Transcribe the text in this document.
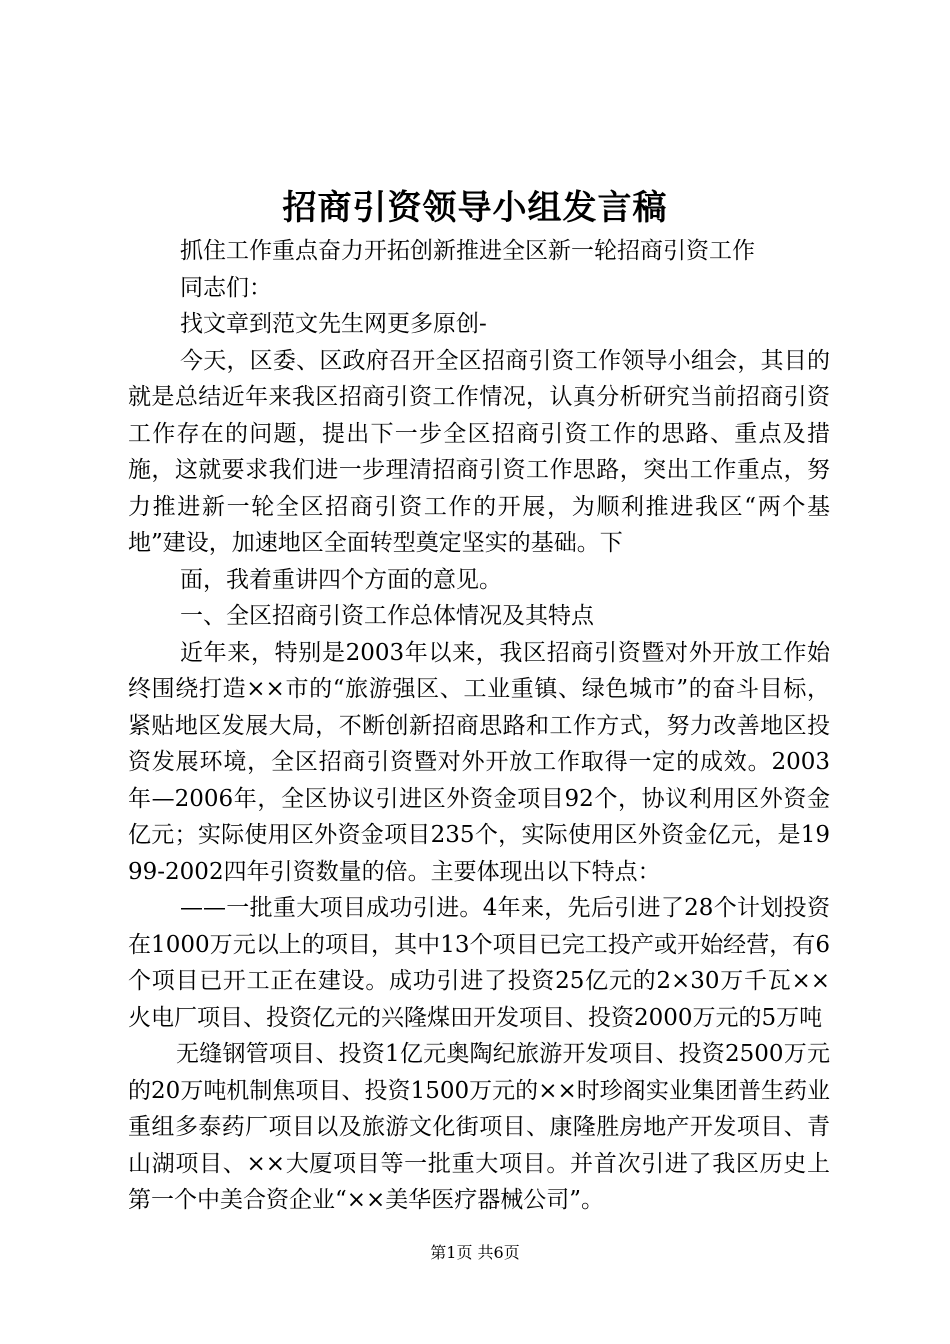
招商引资领导小组发言稿

抓住工作重点奋力开拓创新推进全区新一轮招商引资工作

同志们：

找文章到范文先生网更多原创-

今天，区委、区政府召开全区招商引资工作领导小组会，其目的就是总结近年来我区招商引资工作情况，认真分析研究当前招商引资工作存在的问题，提出下一步全区招商引资工作的思路、重点及措施，这就要求我们进一步理清招商引资工作思路，突出工作重点，努力推进新一轮全区招商引资工作的开展，为顺利推进我区“两个基地”建设，加速地区全面转型奠定坚实的基础。下

面，我着重讲四个方面的意见。

一、全区招商引资工作总体情况及其特点

近年来，特别是2003年以来，我区招商引资暨对外开放工作始终围绕打造××市的“旅游强区、工业重镇、绿色城市”的奋斗目标，紧贴地区发展大局，不断创新招商思路和工作方式，努力改善地区投资发展环境，全区招商引资暨对外开放工作取得一定的成效。2003年—2006年，全区协议引进区外资金项目92个，协议利用区外资金亿元；实际使用区外资金项目235个，实际使用区外资金亿元，是1999-2002四年引资数量的倍。主要体现出以下特点：

——一批重大项目成功引进。4年来，先后引进了28个计划投资在1000万元以上的项目，其中13个项目已完工投产或开始经营，有6个项目已开工正在建设。成功引进了投资25亿元的2×30万千瓦××火电厂项目、投资亿元的兴隆煤田开发项目、投资2000万元的5万吨

无缝钢管项目、投资1亿元奥陶纪旅游开发项目、投资2500万元的20万吨机制焦项目、投资1500万元的××时珍阁实业集团普生药业重组多泰药厂项目以及旅游文化街项目、康隆胜房地产开发项目、青山湖项目、××大厦项目等一批重大项目。并首次引进了我区历史上第一个中美合资企业“××美华医疗器械公司”。

第1页 共6页
